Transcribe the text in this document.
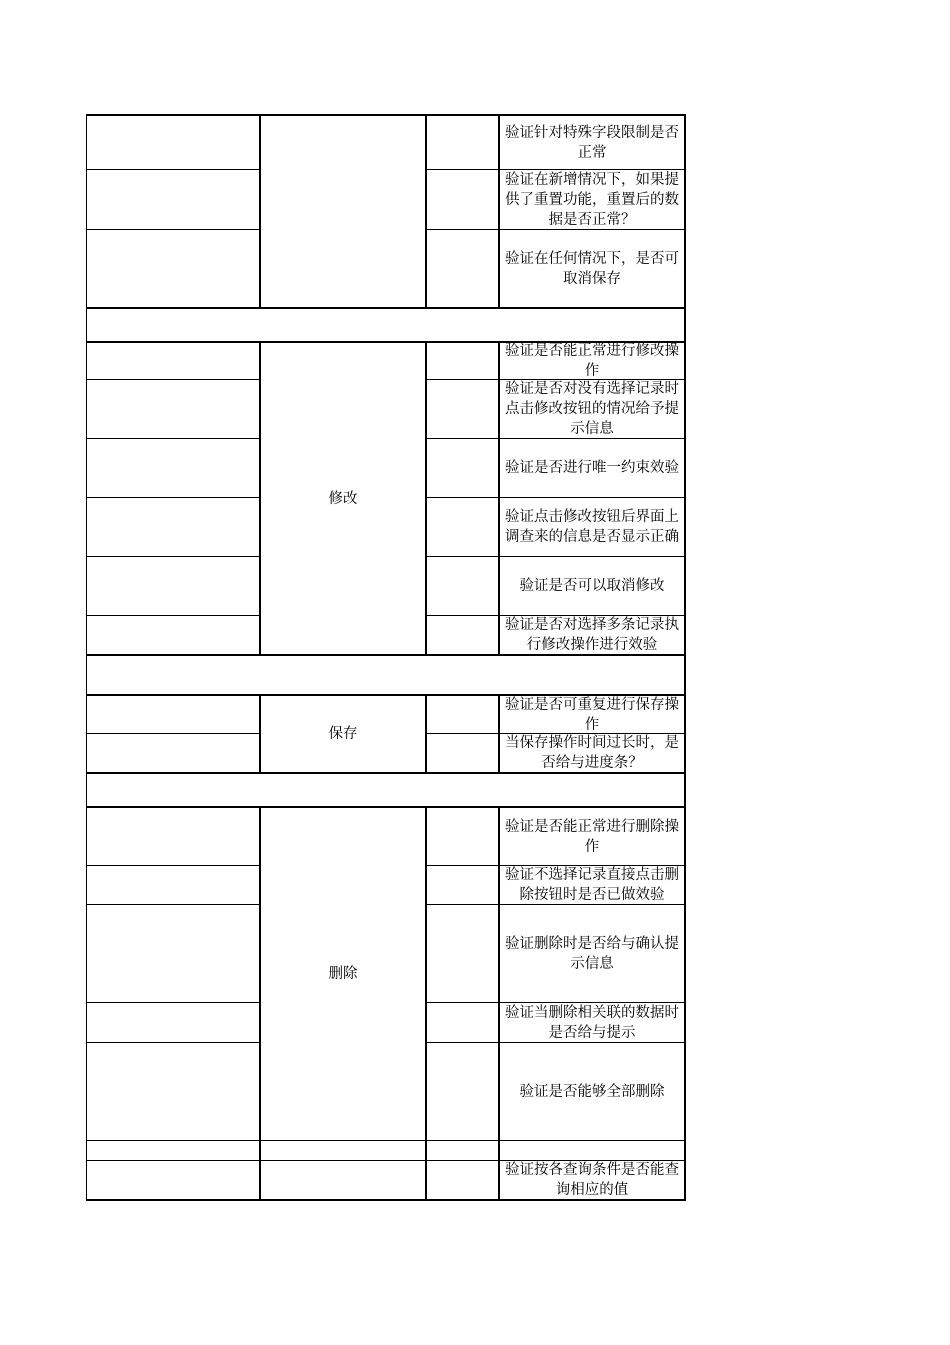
修改
保存
删除
验证针对特殊字段限制是否正常
验证在新增情况下，如果提供了重置功能，重置后的数据是否正常？
验证在任何情况下，是否可取消保存
验证是否能正常进行修改操作
验证是否对没有选择记录时点击修改按钮的情况给予提示信息
验证是否进行唯一约束效验
验证点击修改按钮后界面上调查来的信息是否显示正确
验证是否可以取消修改
验证是否对选择多条记录执行修改操作进行效验
验证是否可重复进行保存操作
当保存操作时间过长时，是否给与进度条？
验证是否能正常进行删除操作
验证不选择记录直接点击删除按钮时是否已做效验
验证删除时是否给与确认提示信息
验证当删除相关联的数据时是否给与提示
验证是否能够全部删除
验证按各查询条件是否能查询相应的值
